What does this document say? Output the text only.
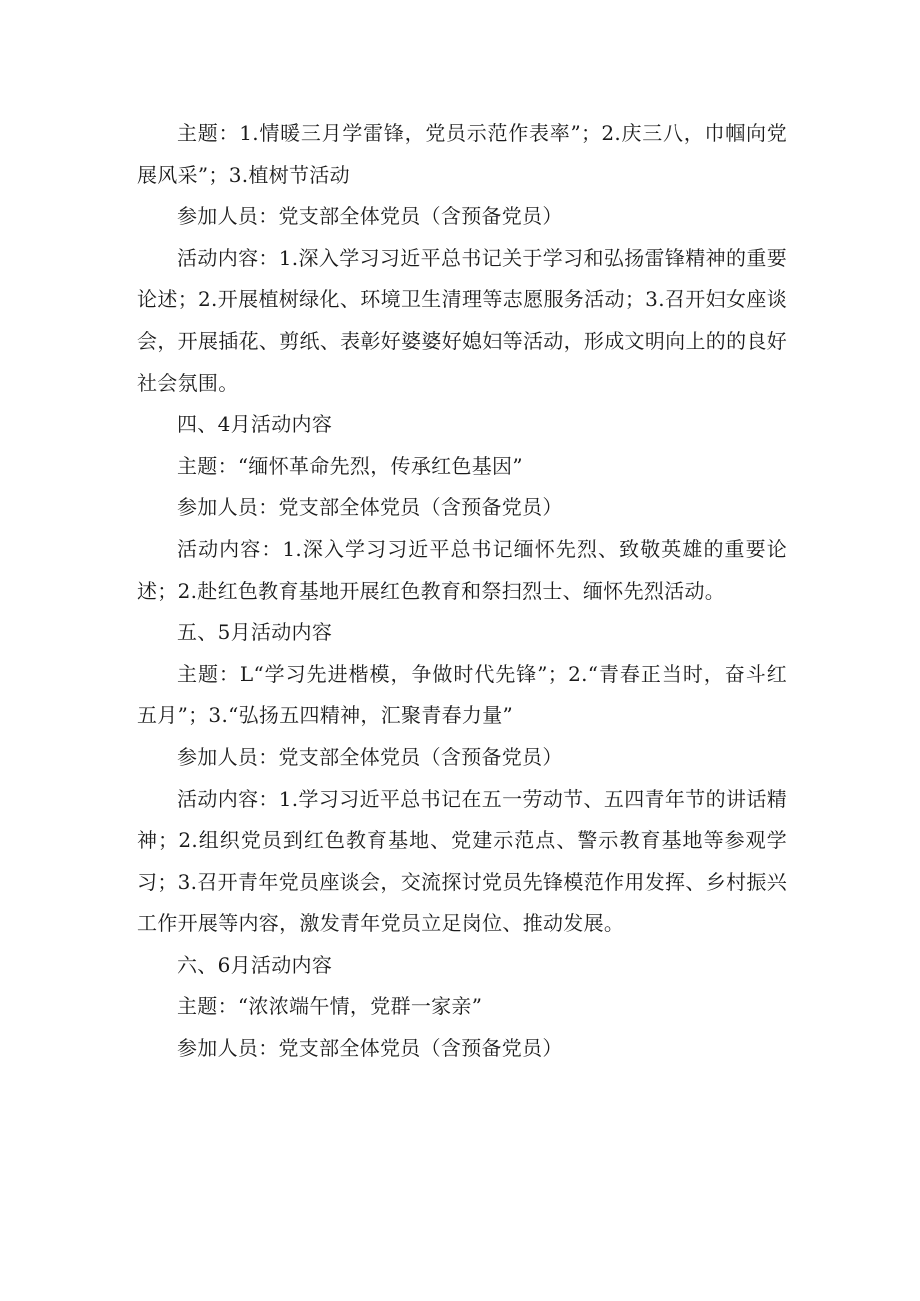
主题：1.情暖三月学雷锋，党员示范作表率”；2.庆三八，巾帼向党展风采”；3.植树节活动

参加人员：党支部全体党员（含预备党员）

活动内容：1.深入学习习近平总书记关于学习和弘扬雷锋精神的重要论述；2.开展植树绿化、环境卫生清理等志愿服务活动；3.召开妇女座谈会，开展插花、剪纸、表彰好婆婆好媳妇等活动，形成文明向上的的良好社会氛围。

四、4月活动内容

主题：“缅怀革命先烈，传承红色基因”

参加人员：党支部全体党员（含预备党员）

活动内容：1.深入学习习近平总书记缅怀先烈、致敬英雄的重要论述；2.赴红色教育基地开展红色教育和祭扫烈士、缅怀先烈活动。

五、5月活动内容

主题：L“学习先进楷模，争做时代先锋”；2.“青春正当时，奋斗红五月”；3.“弘扬五四精神，汇聚青春力量”

参加人员：党支部全体党员（含预备党员）

活动内容：1.学习习近平总书记在五一劳动节、五四青年节的讲话精神；2.组织党员到红色教育基地、党建示范点、警示教育基地等参观学习；3.召开青年党员座谈会，交流探讨党员先锋模范作用发挥、乡村振兴工作开展等内容，激发青年党员立足岗位、推动发展。

六、6月活动内容

主题：“浓浓端午情，党群一家亲”

参加人员：党支部全体党员（含预备党员）
